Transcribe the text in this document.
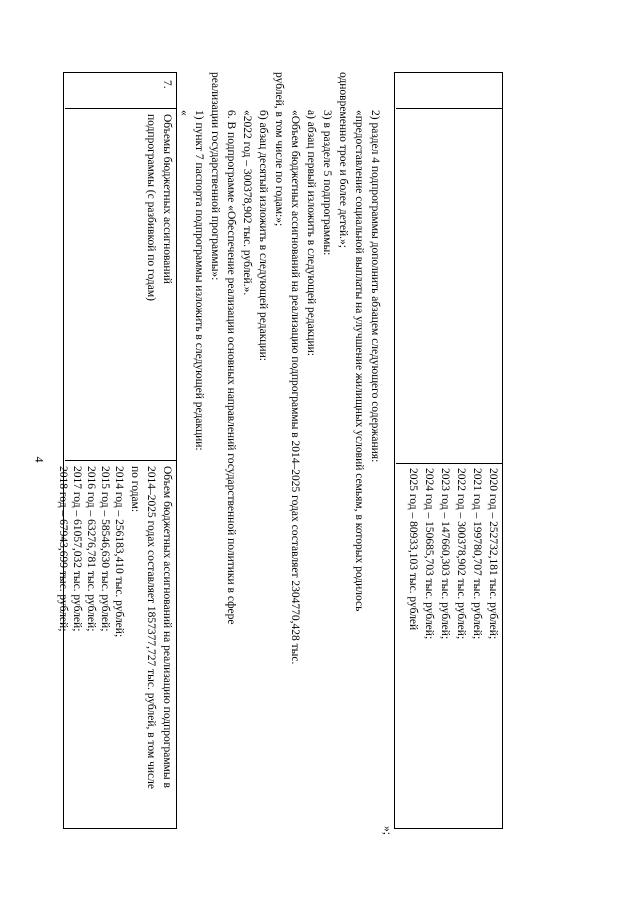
4
2020 год – 252732,181 тыс. рублей;
2021 год – 199780,707 тыс. рублей;
2022 год – 300378,902 тыс. рублей;
2023 год – 147660,303 тыс. рублей;
2024 год – 150685,703 тыс. рублей;
2025 год – 80933,103 тыс. рублей
»;
2) раздел 4 подпрограммы дополнить абзацем следующего содержания:
«предоставление социальной выплаты на улучшение жилищных условий семьям, в которых родилось
одновременно трое и более детей.»;
3) в разделе 5 подпрограммы:
а) абзац первый изложить в следующей редакции:
«Объем бюджетных ассигнований на реализацию подпрограммы в 2014–2025 годах составляет 2304770,428 тыс.
рублей, в том числе по годам:»;
б) абзац десятый изложить в следующей редакции:
«2022 год – 300378,902 тыс. рублей.».
6. В подпрограмме «Обеспечение реализации основных направлений государственной политики в сфере
реализации государственной программы»:
1) пункт 7 паспорта подпрограммы изложить в следующей редакции:
«
7.
Объемы бюджетных ассигнований
подпрограммы (с разбивкой по годам)
Объем бюджетных ассигнований на реализацию подпрограммы в
2014–2025 годах составляет 1857377,727 тыс. рублей, в том числе
по годам:
2014 год – 256183,410 тыс. рублей;
2015 год – 58546,630 тыс. рублей;
2016 год – 63276,781 тыс. рублей;
2017 год – 61057,032 тыс. рублей;
2018 год – 67943,699 тыс. рублей;
